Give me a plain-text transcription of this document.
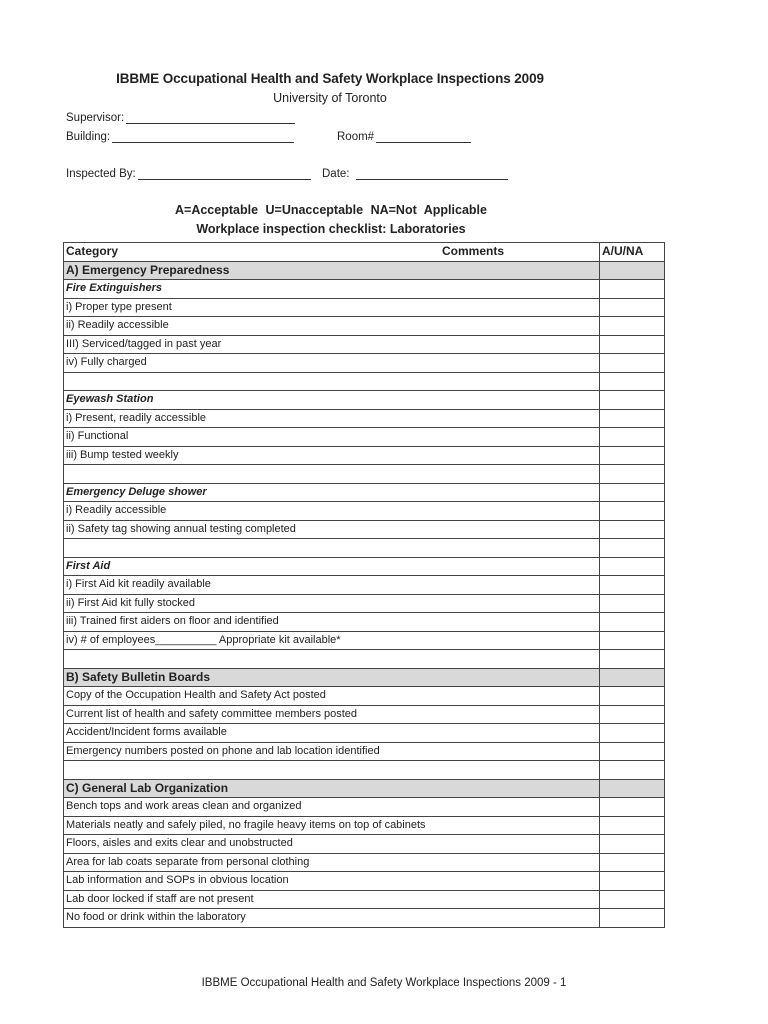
IBBME Occupational Health and Safety Workplace Inspections 2009
University of Toronto
Supervisor:
Building:	Room#
Inspected By:	Date:
A=Acceptable U=Unacceptable NA=Not Applicable
Workplace inspection checklist: Laboratories
Category Comments	A/U/NA
A) Emergency Preparedness	
Fire Extinguishers	
i) Proper type present	
ii) Readily accessible	
III) Serviced/tagged in past year	
iv) Fully charged	

Eyewash Station	
i) Present, readily accessible	
ii) Functional	
iii) Bump tested weekly	

Emergency Deluge shower	
i) Readily accessible	
ii) Safety tag showing annual testing completed	

First Aid	
i) First Aid kit readily available	
ii) First Aid kit fully stocked	
iii) Trained first aiders on floor and identified	
iv) # of employees__________ Appropriate kit available*	

B) Safety Bulletin Boards	
Copy of the Occupation Health and Safety Act posted	
Current list of health and safety committee members posted	
Accident/Incident forms available	
Emergency numbers posted on phone and lab location identified	

C) General Lab Organization	
Bench tops and work areas clean and organized	
Materials neatly and safely piled, no fragile heavy items on top of cabinets	
Floors, aisles and exits clear and unobstructed	
Area for lab coats separate from personal clothing	
Lab information and SOPs in obvious location	
Lab door locked if staff are not present	
No food or drink within the laboratory	
IBBME Occupational Health and Safety Workplace Inspections 2009 - 1
